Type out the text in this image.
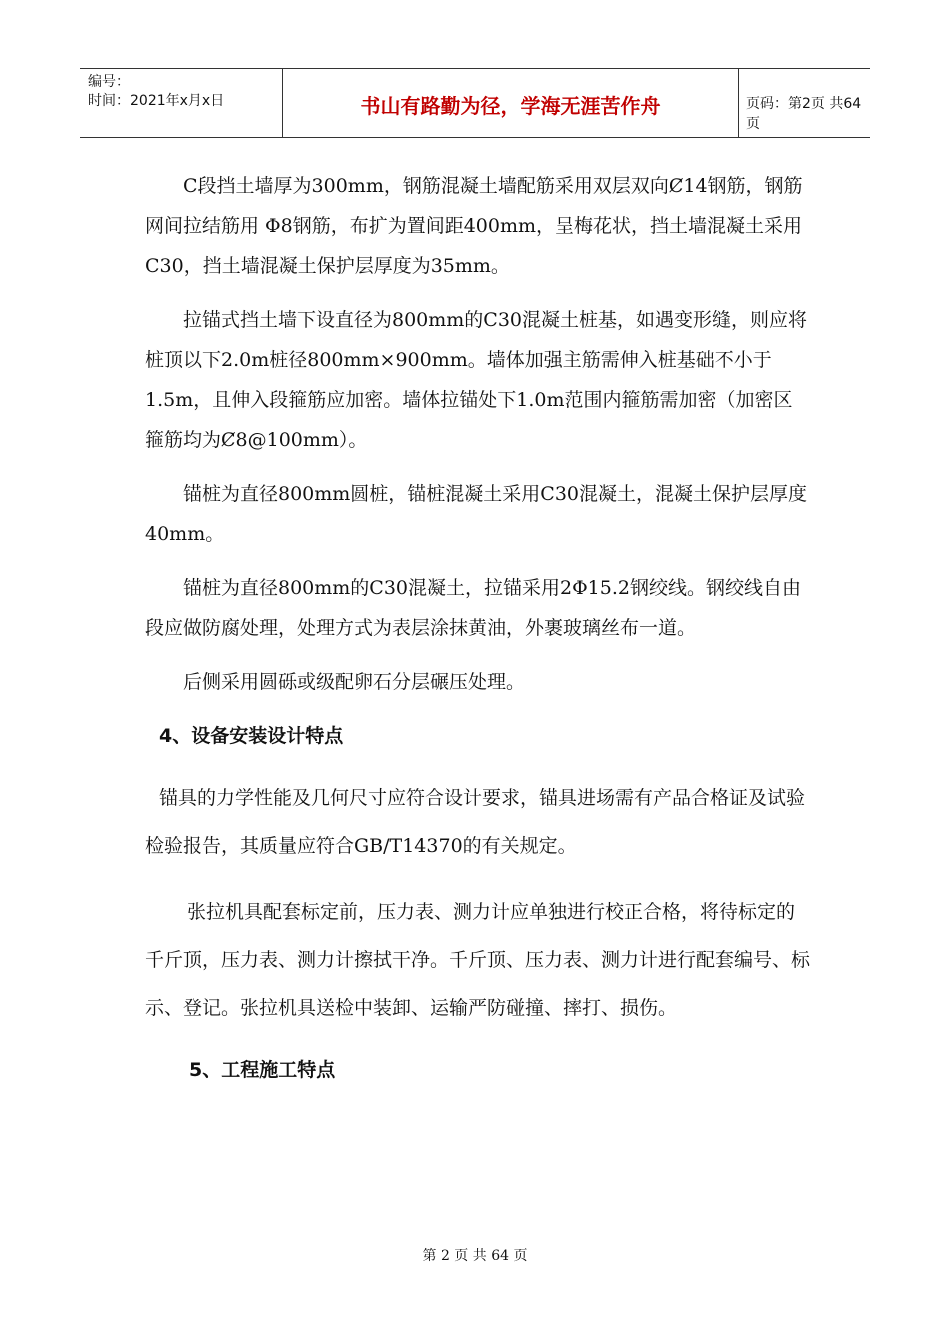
编号：
时间：2021年x月x日	书山有路勤为径，学海无涯苦作舟	页码：第2页 共64页

C段挡土墙厚为300mm，钢筋混凝土墙配筋采用双层双向Ȼ14钢筋，钢筋网间拉结筋用 Φ8钢筋，布扩为置间距400mm，呈梅花状，挡土墙混凝土采用C30，挡土墙混凝土保护层厚度为35mm。

拉锚式挡土墙下设直径为800mm的C30混凝土桩基，如遇变形缝，则应将桩顶以下2.0m桩径800mm×900mm。墙体加强主筋需伸入桩基础不小于1.5m，且伸入段箍筋应加密。墙体拉锚处下1.0m范围内箍筋需加密（加密区箍筋均为Ȼ8@100mm）。

锚桩为直径800mm圆桩，锚桩混凝土采用C30混凝土，混凝土保护层厚度40mm。

锚桩为直径800mm的C30混凝土，拉锚采用2Φ15.2钢绞线。钢绞线自由段应做防腐处理，处理方式为表层涂抹黄油，外裹玻璃丝布一道。

后侧采用圆砾或级配卵石分层碾压处理。

4、设备安装设计特点

锚具的力学性能及几何尺寸应符合设计要求，锚具进场需有产品合格证及试验检验报告，其质量应符合GB/T14370的有关规定。

张拉机具配套标定前，压力表、测力计应单独进行校正合格，将待标定的千斤顶，压力表、测力计擦拭干净。千斤顶、压力表、测力计进行配套编号、标示、登记。张拉机具送检中装卸、运输严防碰撞、摔打、损伤。

5、工程施工特点

第 2 页 共 64 页
